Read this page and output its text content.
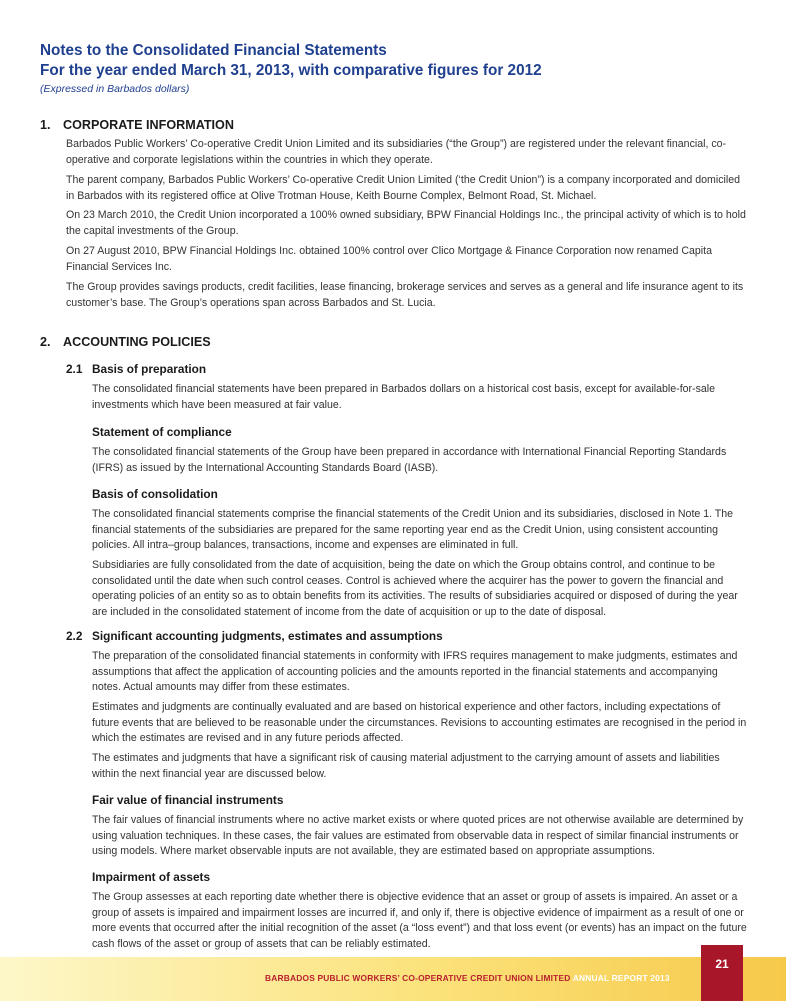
Notes to the Consolidated Financial Statements

For the year ended March 31, 2013, with comparative figures for 2012

(Expressed in Barbados dollars)

1. CORPORATE INFORMATION

Barbados Public Workers’ Co-operative Credit Union Limited and its subsidiaries (“the Group”) are registered under the relevant financial, co-operative and corporate legislations within the countries in which they operate.

The parent company, Barbados Public Workers’ Co-operative Credit Union Limited (‘the Credit Union”) is a company incorporated and domiciled in Barbados with its registered office at Olive Trotman House, Keith Bourne Complex, Belmont Road, St. Michael.

On 23 March 2010, the Credit Union incorporated a 100% owned subsidiary, BPW Financial Holdings Inc., the principal activity of which is to hold the capital investments of the Group.

On 27 August 2010, BPW Financial Holdings Inc. obtained 100% control over Clico Mortgage & Finance Corporation now renamed Capita Financial Services Inc.

The Group provides savings products, credit facilities, lease financing, brokerage services and serves as a general and life insurance agent to its customer’s base. The Group’s operations span across Barbados and St. Lucia.

2. ACCOUNTING POLICIES

2.1 Basis of preparation

The consolidated financial statements have been prepared in Barbados dollars on a historical cost basis, except for available-for-sale investments which have been measured at fair value.

Statement of compliance

The consolidated financial statements of the Group have been prepared in accordance with International Financial Reporting Standards (IFRS) as issued by the International Accounting Standards Board (IASB).

Basis of consolidation

The consolidated financial statements comprise the financial statements of the Credit Union and its subsidiaries, disclosed in Note 1. The financial statements of the subsidiaries are prepared for the same reporting year end as the Credit Union, using consistent accounting policies. All intra–group balances, transactions, income and expenses are eliminated in full.

Subsidiaries are fully consolidated from the date of acquisition, being the date on which the Group obtains control, and continue to be consolidated until the date when such control ceases. Control is achieved where the acquirer has the power to govern the financial and operating policies of an entity so as to obtain benefits from its activities. The results of subsidiaries acquired or disposed of during the year are included in the consolidated statement of income from the date of acquisition or up to the date of disposal.

2.2 Significant accounting judgments, estimates and assumptions

The preparation of the consolidated financial statements in conformity with IFRS requires management to make judgments, estimates and assumptions that affect the application of accounting policies and the amounts reported in the financial statements and accompanying notes. Actual amounts may differ from these estimates.

Estimates and judgments are continually evaluated and are based on historical experience and other factors, including expectations of future events that are believed to be reasonable under the circumstances. Revisions to accounting estimates are recognised in the period in which the estimates are revised and in any future periods affected.

The estimates and judgments that have a significant risk of causing material adjustment to the carrying amount of assets and liabilities within the next financial year are discussed below.

Fair value of financial instruments

The fair values of financial instruments where no active market exists or where quoted prices are not otherwise available are determined by using valuation techniques. In these cases, the fair values are estimated from observable data in respect of similar financial instruments or using models. Where market observable inputs are not available, they are estimated based on appropriate assumptions.

Impairment of assets

The Group assesses at each reporting date whether there is objective evidence that an asset or group of assets is impaired. An asset or a group of assets is impaired and impairment losses are incurred if, and only if, there is objective evidence of impairment as a result of one or more events that occurred after the initial recognition of the asset (a “loss event”) and that loss event (or events) has an impact on the future cash flows of the asset or group of assets that can be reliably estimated.

BARBADOS PUBLIC WORKERS’ CO-OPERATIVE CREDIT UNION LIMITED ANNUAL REPORT 2013

21
